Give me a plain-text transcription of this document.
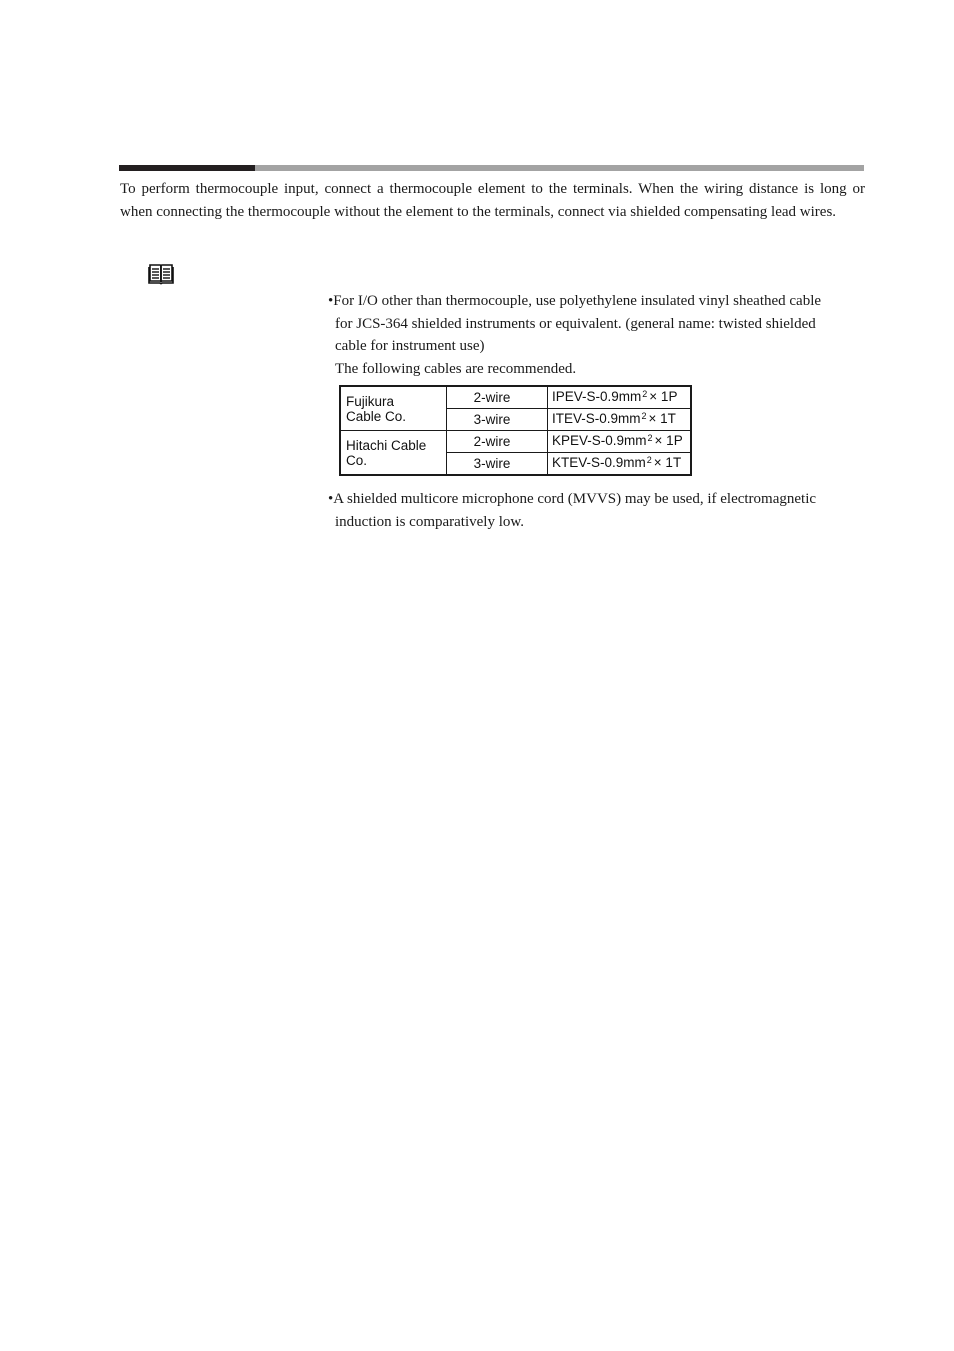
To perform thermocouple input, connect a thermocouple element to the terminals. When the wiring distance is long or when connecting the thermocouple without the element to the terminals, connect via shielded compensating lead wires.

•For I/O other than thermocouple, use polyethylene insulated vinyl sheathed cable

for JCS-364 shielded instruments or equivalent. (general name: twisted shielded

cable for instrument use)

The following cables are recommended.

Fujikura
Cable Co.	2-wire	IPEV-$S-0.9mm^2 \times 1P$
	3-wire	ITEV-$S-0.9mm^2 \times 1T$

Hitachi Cable
Co.	2-wire	KPEV-$S-0.9mm^2 \times 1P$
	3-wire	KTEV-$S-0.9mm^2 \times 1T$

•A shielded multicore microphone cord (MVVS) may be used, if electromagnetic

induction is comparatively low.
